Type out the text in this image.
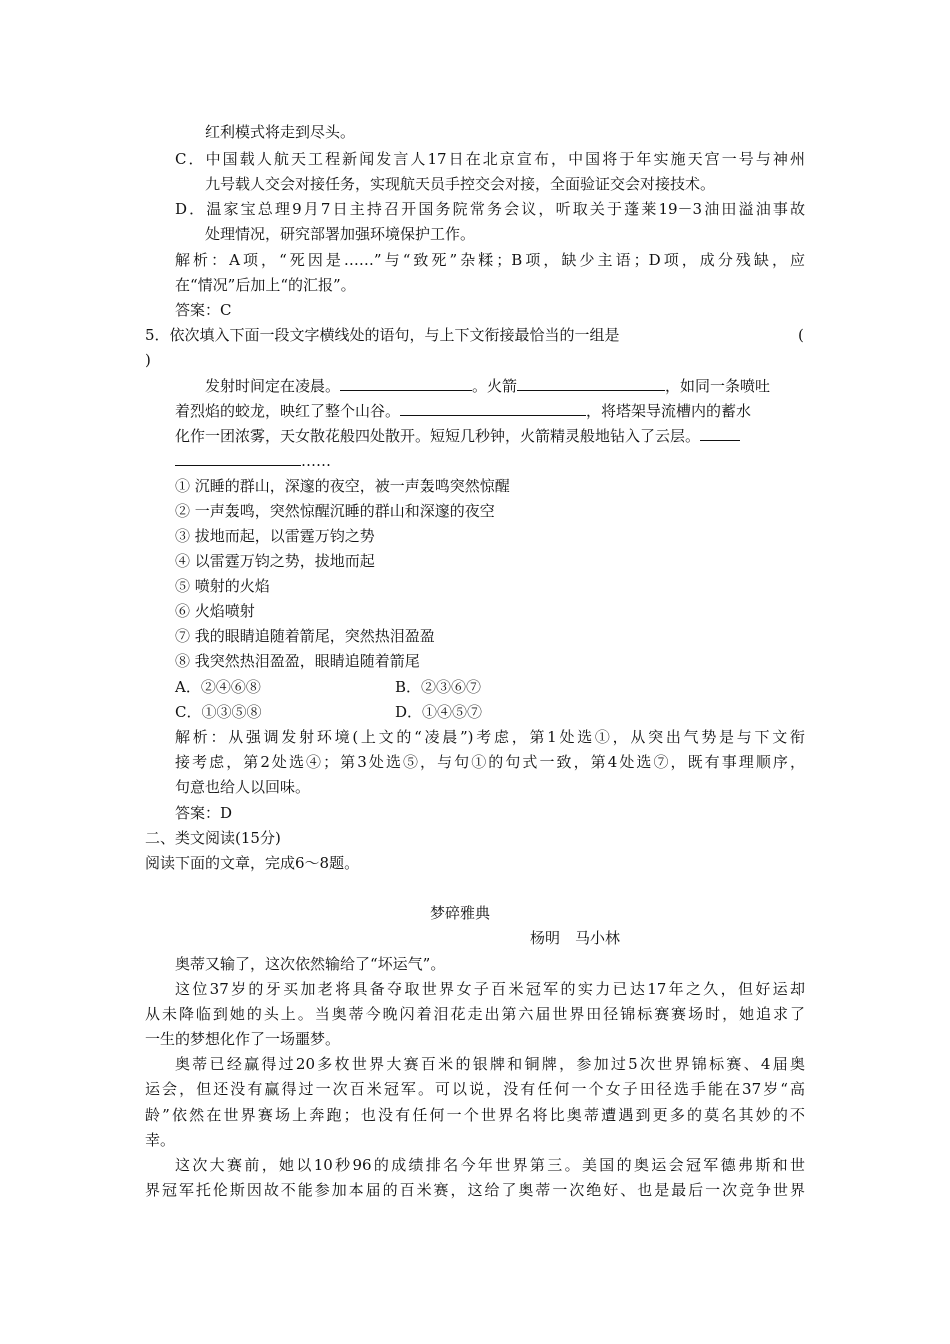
红利模式将走到尽头。
C．中国载人航天工程新闻发言人17日在北京宣布，中国将于年实施天宫一号与神州
九号载人交会对接任务，实现航天员手控交会对接，全面验证交会对接技术。
D．温家宝总理9月7日主持召开国务院常务会议，听取关于蓬莱19－3油田溢油事故
处理情况，研究部署加强环境保护工作。
解析：A项，“死因是……”与“致死”杂糅；B项，缺少主语；D项，成分残缺，应
在“情况”后加上“的汇报”。
答案：C
5．依次填入下面一段文字横线处的语句，与上下文衔接最恰当的一组是	(
)
发射时间定在凌晨。	。火箭	，如同一条喷吐
着烈焰的蛟龙，映红了整个山谷。	，将塔架导流槽内的蓄水
化作一团浓雾，天女散花般四处散开。短短几秒钟，火箭精灵般地钻入了云层。
……
① 沉睡的群山，深邃的夜空，被一声轰鸣突然惊醒
② 一声轰鸣，突然惊醒沉睡的群山和深邃的夜空
③ 拔地而起，以雷霆万钧之势
④ 以雷霆万钧之势，拔地而起
⑤ 喷射的火焰
⑥ 火焰喷射
⑦ 我的眼睛追随着箭尾，突然热泪盈盈
⑧ 我突然热泪盈盈，眼睛追随着箭尾
A．②④⑥⑧	B．②③⑥⑦
C．①③⑤⑧	D．①④⑤⑦
解析：从强调发射环境(上文的“凌晨”)考虑，第1处选①，从突出气势是与下文衔
接考虑，第2处选④；第3处选⑤，与句①的句式一致，第4处选⑦，既有事理顺序，
句意也给人以回味。
答案：D
二、类文阅读(15分)
阅读下面的文章，完成6～8题。
梦碎雅典
杨明　马小林
奥蒂又输了，这次依然输给了“坏运气”。
这位37岁的牙买加老将具备夺取世界女子百米冠军的实力已达17年之久，但好运却
从未降临到她的头上。当奥蒂今晚闪着泪花走出第六届世界田径锦标赛赛场时，她追求了
一生的梦想化作了一场噩梦。
奥蒂已经赢得过20多枚世界大赛百米的银牌和铜牌，参加过5次世界锦标赛、4届奥
运会，但还没有赢得过一次百米冠军。可以说，没有任何一个女子田径选手能在37岁“高
龄”依然在世界赛场上奔跑；也没有任何一个世界名将比奥蒂遭遇到更多的莫名其妙的不
幸。
这次大赛前，她以10秒96的成绩排名今年世界第三。美国的奥运会冠军德弗斯和世
界冠军托伦斯因故不能参加本届的百米赛，这给了奥蒂一次绝好、也是最后一次竞争世界
